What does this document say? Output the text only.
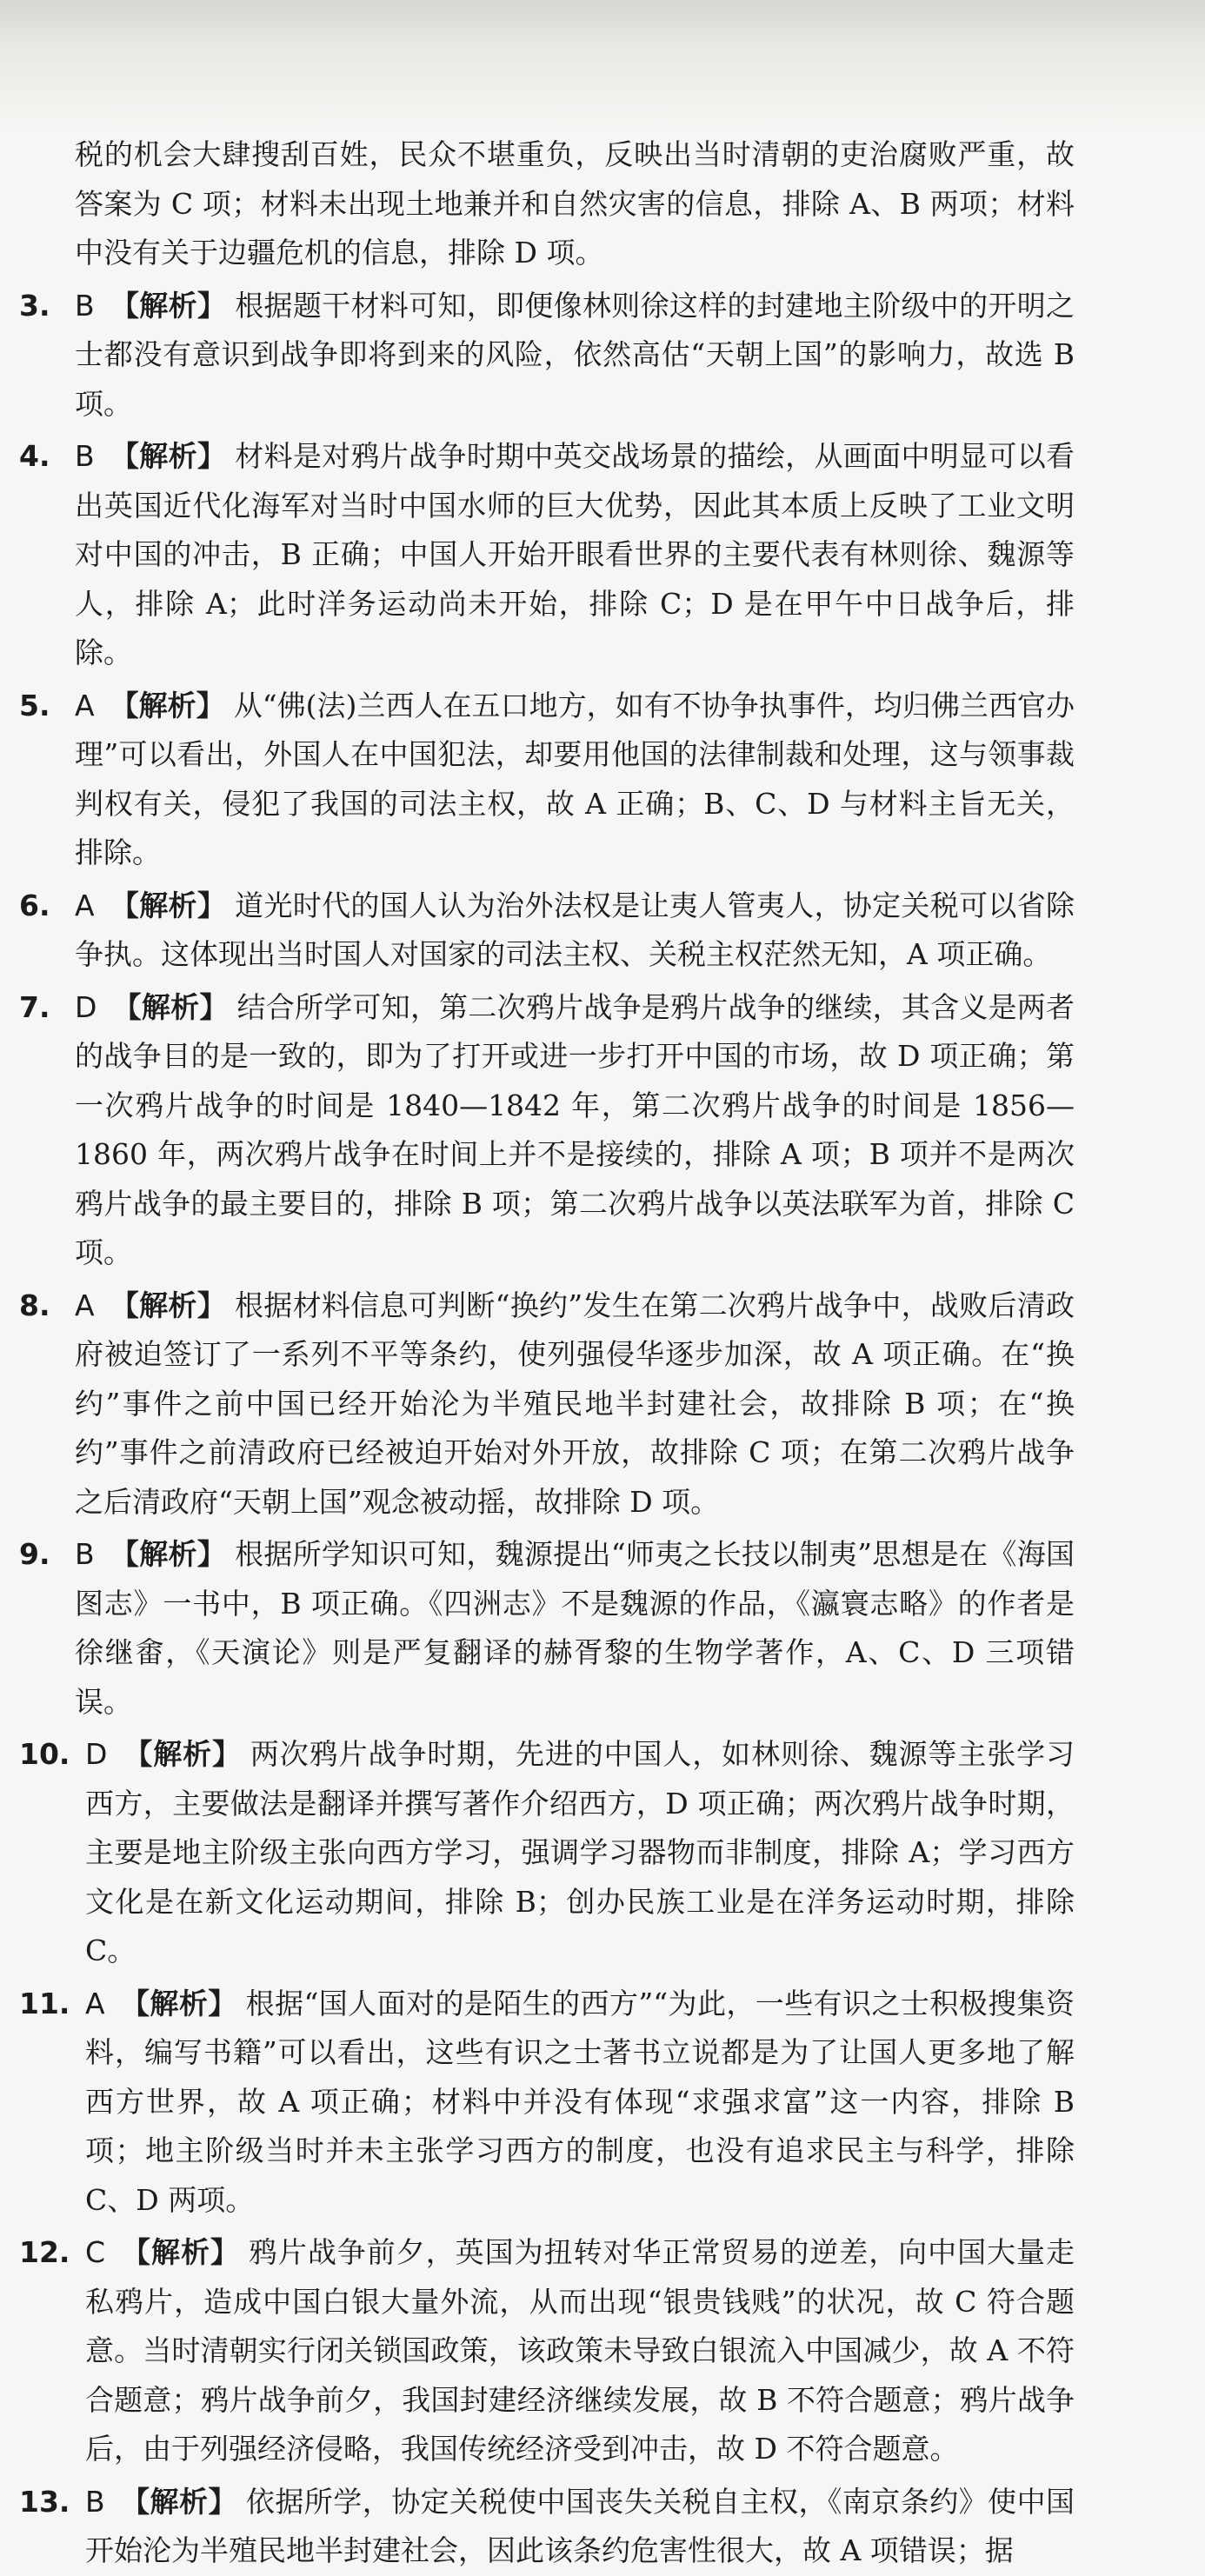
税的机会大肆搜刮百姓，民众不堪重负，反映出当时清朝的吏治腐败严重，故答案为 C 项；材料未出现土地兼并和自然灾害的信息，排除 A、B 两项；材料中没有关于边疆危机的信息，排除 D 项。
3. B 【解析】 根据题干材料可知，即便像林则徐这样的封建地主阶级中的开明之士都没有意识到战争即将到来的风险，依然高估“天朝上国”的影响力，故选 B 项。
4. B 【解析】 材料是对鸦片战争时期中英交战场景的描绘，从画面中明显可以看出英国近代化海军对当时中国水师的巨大优势，因此其本质上反映了工业文明对中国的冲击，B 正确；中国人开始开眼看世界的主要代表有林则徐、魏源等人，排除 A；此时洋务运动尚未开始，排除 C；D 是在甲午中日战争后，排除。
5. A 【解析】 从“佛(法)兰西人在五口地方，如有不协争执事件，均归佛兰西官办理”可以看出，外国人在中国犯法，却要用他国的法律制裁和处理，这与领事裁判权有关，侵犯了我国的司法主权，故 A 正确；B、C、D 与材料主旨无关，排除。
6. A 【解析】 道光时代的国人认为治外法权是让夷人管夷人，协定关税可以省除争执。这体现出当时国人对国家的司法主权、关税主权茫然无知，A 项正确。
7. D 【解析】 结合所学可知，第二次鸦片战争是鸦片战争的继续，其含义是两者的战争目的是一致的，即为了打开或进一步打开中国的市场，故 D 项正确；第一次鸦片战争的时间是 1840—1842 年，第二次鸦片战争的时间是 1856—1860 年，两次鸦片战争在时间上并不是接续的，排除 A 项；B 项并不是两次鸦片战争的最主要目的，排除 B 项；第二次鸦片战争以英法联军为首，排除 C 项。
8. A 【解析】 根据材料信息可判断“换约”发生在第二次鸦片战争中，战败后清政府被迫签订了一系列不平等条约，使列强侵华逐步加深，故 A 项正确。在“换约”事件之前中国已经开始沦为半殖民地半封建社会，故排除 B 项；在“换约”事件之前清政府已经被迫开始对外开放，故排除 C 项；在第二次鸦片战争之后清政府“天朝上国”观念被动摇，故排除 D 项。
9. B 【解析】 根据所学知识可知，魏源提出“师夷之长技以制夷”思想是在《海国图志》一书中，B 项正确。《四洲志》不是魏源的作品，《瀛寰志略》的作者是徐继畬，《天演论》则是严复翻译的赫胥黎的生物学著作，A、C、D 三项错误。
10. D 【解析】 两次鸦片战争时期，先进的中国人，如林则徐、魏源等主张学习西方，主要做法是翻译并撰写著作介绍西方，D 项正确；两次鸦片战争时期，主要是地主阶级主张向西方学习，强调学习器物而非制度，排除 A；学习西方文化是在新文化运动期间，排除 B；创办民族工业是在洋务运动时期，排除 C。
11. A 【解析】 根据“国人面对的是陌生的西方”“为此，一些有识之士积极搜集资料，编写书籍”可以看出，这些有识之士著书立说都是为了让国人更多地了解西方世界，故 A 项正确；材料中并没有体现“求强求富”这一内容，排除 B 项；地主阶级当时并未主张学习西方的制度，也没有追求民主与科学，排除 C、D 两项。
12. C 【解析】 鸦片战争前夕，英国为扭转对华正常贸易的逆差，向中国大量走私鸦片，造成中国白银大量外流，从而出现“银贵钱贱”的状况，故 C 符合题意。当时清朝实行闭关锁国政策，该政策未导致白银流入中国减少，故 A 不符合题意；鸦片战争前夕，我国封建经济继续发展，故 B 不符合题意；鸦片战争后，由于列强经济侵略，我国传统经济受到冲击，故 D 不符合题意。
13. B 【解析】 依据所学，协定关税使中国丧失关税自主权，《南京条约》使中国开始沦为半殖民地半封建社会，因此该条约危害性很大，故 A 项错误；据
